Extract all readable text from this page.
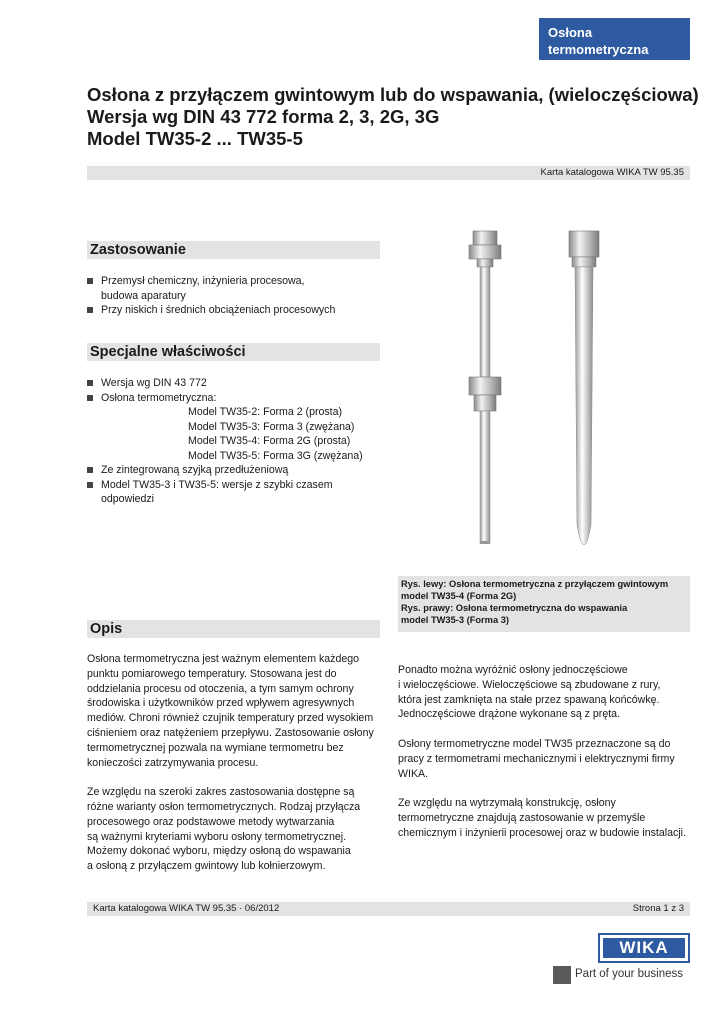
Osłona
termometryczna
Osłona z przyłączem gwintowym lub do wspawania, (wieloczęściowa)
Wersja wg DIN 43 772 forma 2, 3, 2G, 3G
Model TW35-2 ... TW35-5
Karta katalogowa WIKA TW 95.35
Zastosowanie
Przemysł chemiczny, inżynieria procesowa,
budowa aparatury
Przy niskich i średnich obciążeniach procesowych
Specjalne właściwości
Wersja wg DIN 43 772
Osłona termometryczna:
Model TW35-2: Forma 2 (prosta)
Model TW35-3: Forma 3 (zwężana)
Model TW35-4: Forma 2G (prosta)
Model TW35-5: Forma 3G (zwężana)
Ze zintegrowaną szyjką przedłużeniową
Model TW35-3 i TW35-5: wersje z szybki czasem
odpowiedzi
Rys. lewy: Osłona termometryczna z przyłączem gwintowym
model TW35-4 (Forma 2G)
Rys. prawy: Osłona termometryczna do wspawania
model TW35-3 (Forma 3)
Opis

Osłona termometryczna jest ważnym elementem każdego
punktu pomiarowego temperatury. Stosowana jest do
oddzielania procesu od otoczenia, a tym samym ochrony
środowiska i użytkowników przed wpływem agresywnych
mediów. Chroni również czujnik temperatury przed wysokiem
ciśnieniem oraz natężeniem przepływu. Zastosowanie osłony
termometrycznej pozwala na wymiane termometru bez
konieczości zatrzymywania procesu.

Ze względu na szeroki zakres zastosowania dostępne są
różne warianty osłon termometrycznych. Rodzaj przyłącza
procesowego oraz podstawowe metody wytwarzania
są ważnymi kryteriami wyboru osłony termometrycznej.
Możemy dokonać wyboru, między osłoną do wspawania
a osłoną z przyłączem gwintowy lub kołnierzowym.

Ponadto można wyróżnić osłony jednoczęściowe
i wieloczęściowe. Wieloczęściowe są zbudowane z rury,
która jest zamknięta na stałe przez spawaną końcówkę.
Jednoczęściowe drążone wykonane są z pręta.

Osłony termometryczne model TW35 przeznaczone są do
pracy z termometrami mechanicznymi i elektrycznymi firmy
WIKA.

Ze względu na wytrzymałą konstrukcję, osłony
termometryczne znajdują zastosowanie w przemyśle
chemicznym i inżynierii procesowej oraz w budowie instalacji.

Karta katalogowa WIKA TW 95.35 · 06/2012	Strona 1 z 3
WIKA
Part of your business
